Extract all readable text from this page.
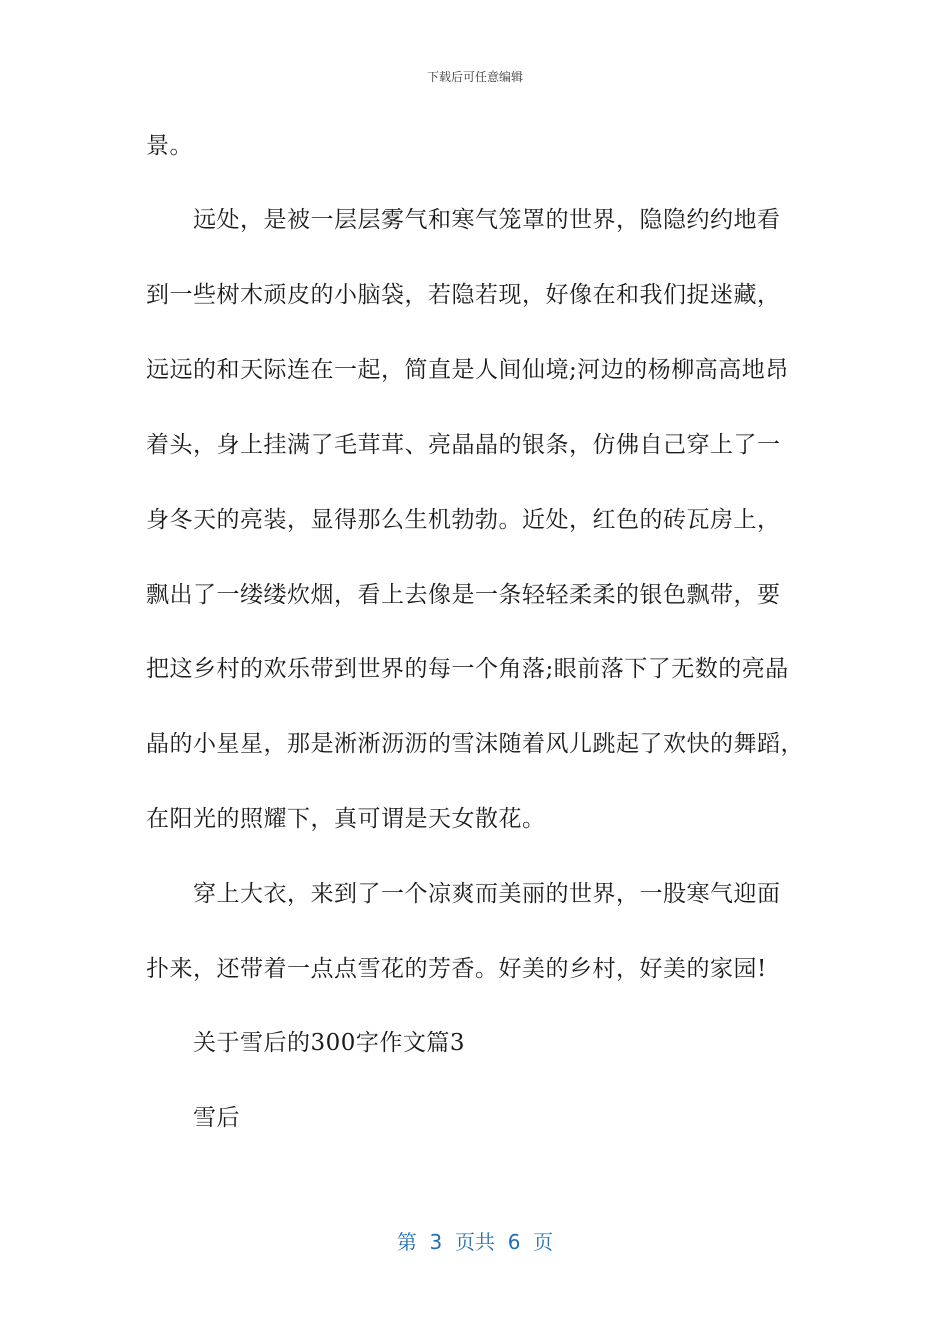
下载后可任意编辑
景。
远处，是被一层层雾气和寒气笼罩的世界，隐隐约约地看
到一些树木顽皮的小脑袋，若隐若现，好像在和我们捉迷藏，
远远的和天际连在一起，简直是人间仙境;河边的杨柳高高地昂
着头，身上挂满了毛茸茸、亮晶晶的银条，仿佛自己穿上了一
身冬天的亮装，显得那么生机勃勃。近处，红色的砖瓦房上，
飘出了一缕缕炊烟，看上去像是一条轻轻柔柔的银色飘带，要
把这乡村的欢乐带到世界的每一个角落;眼前落下了无数的亮晶
晶的小星星，那是淅淅沥沥的雪沫随着风儿跳起了欢快的舞蹈，
在阳光的照耀下，真可谓是天女散花。
穿上大衣，来到了一个凉爽而美丽的世界，一股寒气迎面
扑来，还带着一点点雪花的芳香。好美的乡村，好美的家园!
关于雪后的300字作文篇3
雪后
第  3  页共  6  页
